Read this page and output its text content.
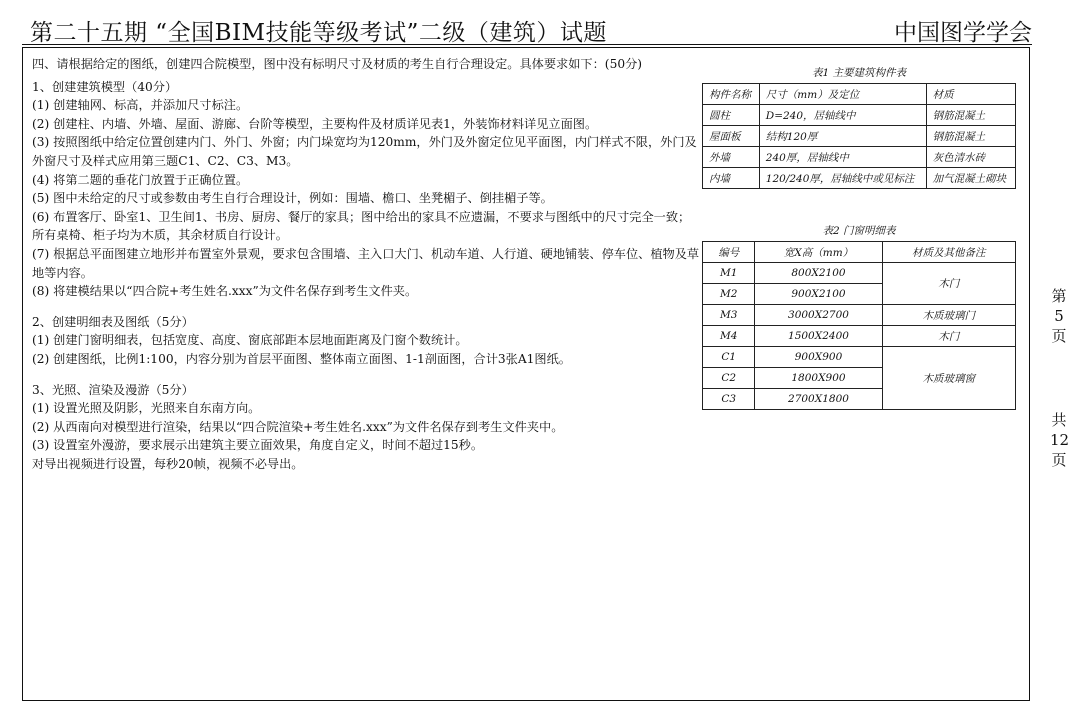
第二十五期 “全国BIM技能等级考试”二级（建筑）试题	中国图学学会
第
5
页
共
12
页
四、请根据给定的图纸，创建四合院模型，图中没有标明尺寸及材质的考生自行合理设定。具体要求如下：(50分)
1、创建建筑模型（40分）
(1) 创建轴网、标高，并添加尺寸标注。
(2) 创建柱、内墙、外墙、屋面、游廊、台阶等模型，主要构件及材质详见表1，外装饰材料详见立面图。
(3) 按照图纸中给定位置创建内门、外门、外窗；内门垛宽均为120mm，外门及外窗定位见平面图，内门样式不限，外门及外窗尺寸及样式应用第三题C1、C2、C3、M3。
(4) 将第二题的垂花门放置于正确位置。
(5) 图中未给定的尺寸或参数由考生自行合理设计，例如：围墙、檐口、坐凳楣子、倒挂楣子等。
(6) 布置客厅、卧室1、卫生间1、书房、厨房、餐厅的家具；图中给出的家具不应遗漏，不要求与图纸中的尺寸完全一致；所有桌椅、柜子均为木质，其余材质自行设计。
(7) 根据总平面图建立地形并布置室外景观，要求包含围墙、主入口大门、机动车道、人行道、硬地铺装、停车位、植物及草地等内容。
(8) 将建模结果以“四合院+考生姓名.xxx”为文件名保存到考生文件夹。
2、创建明细表及图纸（5分）
(1) 创建门窗明细表，包括宽度、高度、窗底部距本层地面距离及门窗个数统计。
(2) 创建图纸，比例1:100，内容分别为首层平面图、整体南立面图、1-1剖面图，合计3张A1图纸。
3、光照、渲染及漫游（5分）
(1) 设置光照及阴影，光照来自东南方向。
(2) 从西南向对模型进行渲染，结果以“四合院渲染+考生姓名.xxx”为文件名保存到考生文件夹中。
(3) 设置室外漫游，要求展示出建筑主要立面效果，角度自定义，时间不超过15秒。
对导出视频进行设置，每秒20帧，视频不必导出。
表1 主要建筑构件表
构件名称	尺寸（mm）及定位	材质
圆柱	D=240，居轴线中	钢筋混凝土
屋面板	结构120厚	钢筋混凝土
外墙	240厚，居轴线中	灰色清水砖
内墙	120/240厚，居轴线中或见标注	加气混凝土砌块
表2 门窗明细表
编号	宽X高（mm）	材质及其他备注
M1	800X2100	木门
M2	900X2100	
M3	3000X2700	木质玻璃门
M4	1500X2400	木门
C1	900X900	木质玻璃窗
C2	1800X900	
C3	2700X1800	
